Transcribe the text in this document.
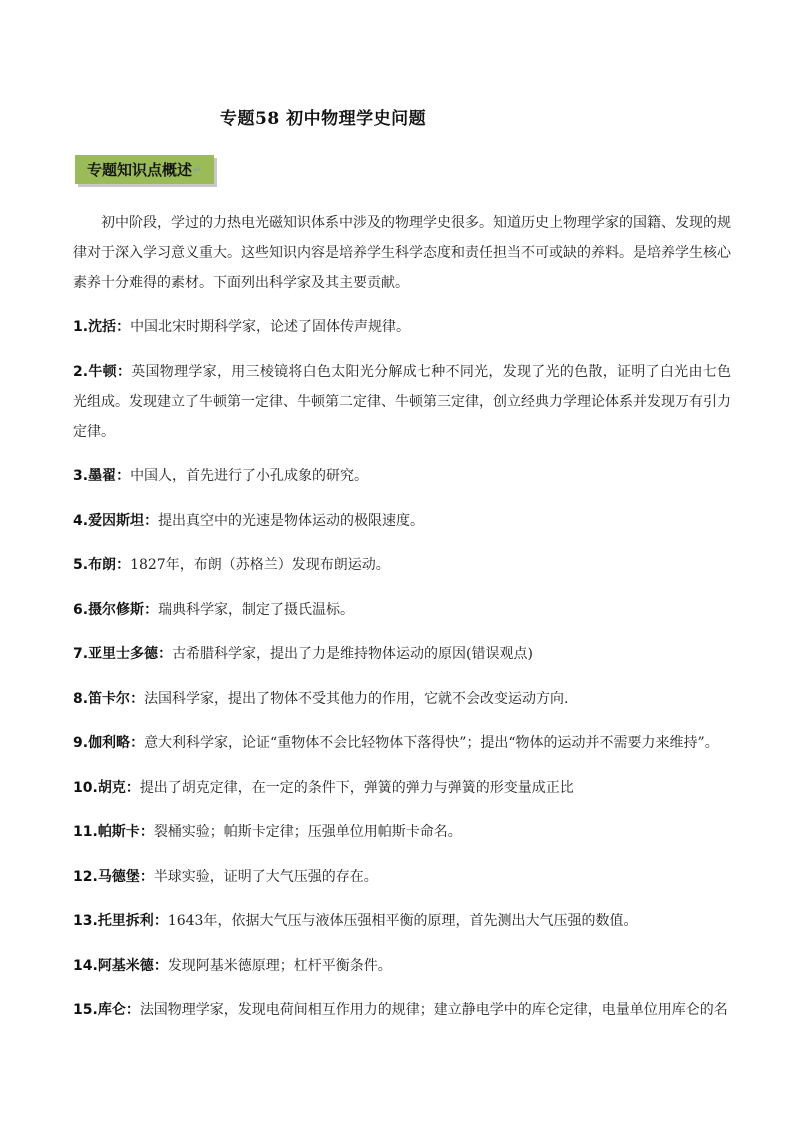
专题58 初中物理学史问题
专题知识点概述 ↵

初中阶段，学过的力热电光磁知识体系中涉及的物理学史很多。知道历史上物理学家的国籍、发现的规律对于深入学习意义重大。这些知识内容是培养学生科学态度和责任担当不可或缺的养料。是培养学生核心素养十分难得的素材。下面列出科学家及其主要贡献。

1.沈括：中国北宋时期科学家，论述了固体传声规律。

2.牛顿：英国物理学家，用三棱镜将白色太阳光分解成七种不同光，发现了光的色散，证明了白光由七色光组成。发现建立了牛顿第一定律、牛顿第二定律、牛顿第三定律，创立经典力学理论体系并发现万有引力定律。

3.墨翟：中国人，首先进行了小孔成象的研究。

4.爱因斯坦：提出真空中的光速是物体运动的极限速度。

5.布朗：1827年，布朗（苏格兰）发现布朗运动。

6.摄尔修斯：瑞典科学家，制定了摄氏温标。

7.亚里士多德：古希腊科学家，提出了力是维持物体运动的原因(错误观点)

8.笛卡尔：法国科学家，提出了物体不受其他力的作用，它就不会改变运动方向.

9.伽利略：意大利科学家，论证“重物体不会比轻物体下落得快”；提出“物体的运动并不需要力来维持”。

10.胡克：提出了胡克定律，在一定的条件下，弹簧的弹力与弹簧的形变量成正比

11.帕斯卡：裂桶实验；帕斯卡定律；压强单位用帕斯卡命名。

12.马德堡：半球实验，证明了大气压强的存在。

13.托里拆利：1643年，依据大气压与液体压强相平衡的原理，首先测出大气压强的数值。

14.阿基米德：发现阿基米德原理；杠杆平衡条件。

15.库仑：法国物理学家，发现电荷间相互作用力的规律；建立静电学中的库仑定律，电量单位用库仑的名
